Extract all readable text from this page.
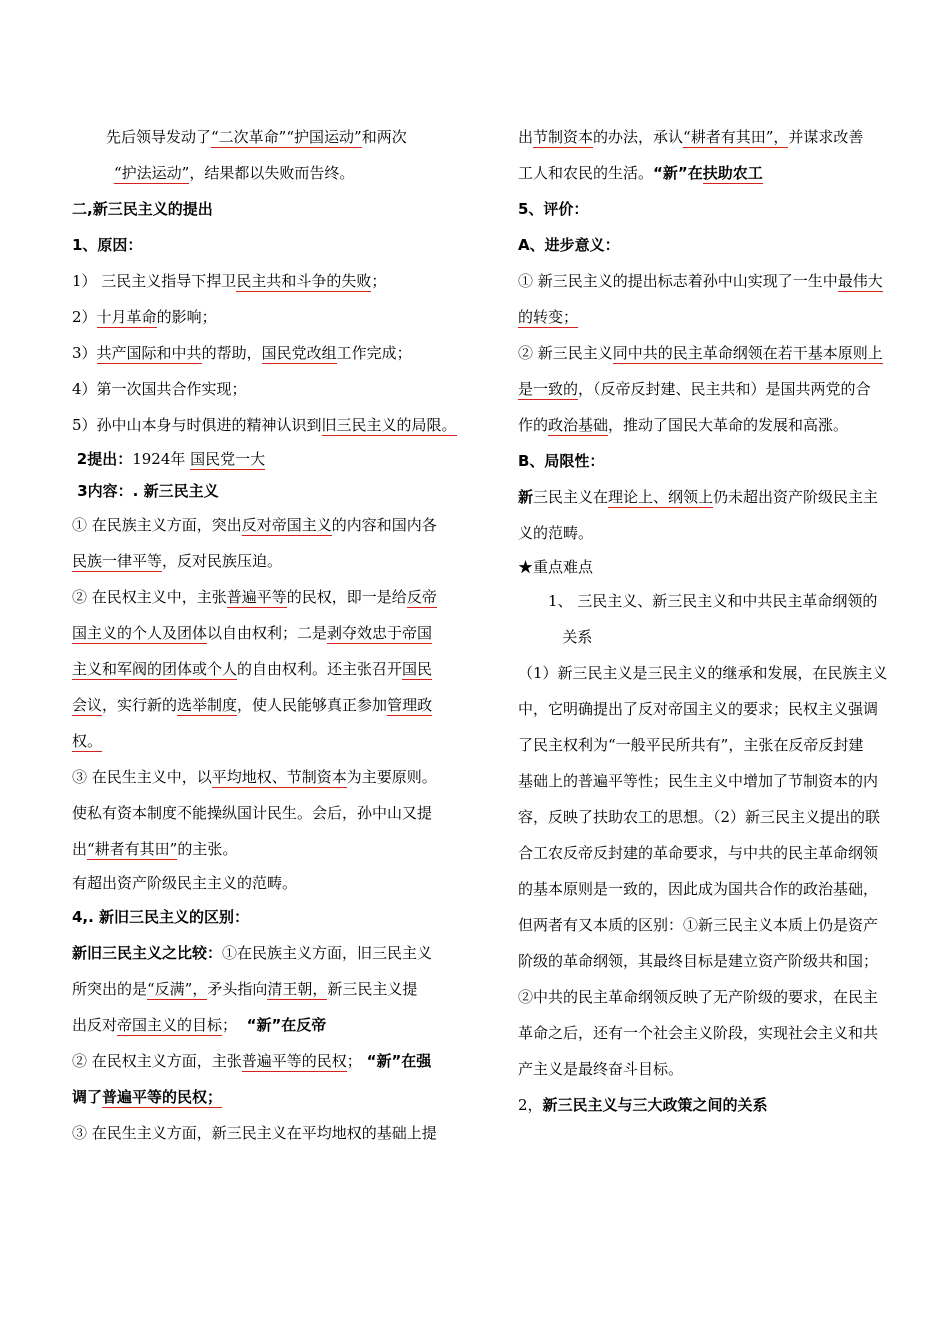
先后领导发动了“二次革命”“护国运动”和两次

“护法运动”，结果都以失败而告终。

二,新三民主义的提出

1、原因：

1） 三民主义指导下捍卫民主共和斗争的失败；

2）十月革命的影响；

3）共产国际和中共的帮助，国民党改组工作完成；

4）第一次国共合作实现；

5）孙中山本身与时俱进的精神认识到旧三民主义的局限。

2提出：1924年 国民党一大

3内容：. 新三民主义

① 在民族主义方面，突出反对帝国主义的内容和国内各

民族一律平等，反对民族压迫。

② 在民权主义中，主张普遍平等的民权，即一是给反帝

国主义的个人及团体以自由权利；二是剥夺效忠于帝国

主义和军阀的团体或个人的自由权利。还主张召开国民

会议，实行新的选举制度，使人民能够真正参加管理政

权。

③ 在民生主义中，以平均地权、节制资本为主要原则。

使私有资本制度不能操纵国计民生。会后，孙中山又提

出“耕者有其田”的主张。

有超出资产阶级民主主义的范畴。

4,. 新旧三民主义的区别：

新旧三民主义之比较：①在民族主义方面，旧三民主义

所突出的是“反满”，矛头指向清王朝，新三民主义提

出反对帝国主义的目标； “新”在反帝

② 在民权主义方面，主张普遍平等的民权； “新”在强

调了普遍平等的民权；

③ 在民生主义方面，新三民主义在平均地权的基础上提

出节制资本的办法，承认“耕者有其田”，并谋求改善

工人和农民的生活。“新”在扶助农工

5、评价：

A、进步意义：

① 新三民主义的提出标志着孙中山实现了一生中最伟大

的转变；

② 新三民主义同中共的民主革命纲领在若干基本原则上

是一致的，（反帝反封建、民主共和）是国共两党的合

作的政治基础，推动了国民大革命的发展和高涨。

B、局限性：

新三民主义在理论上、纲领上仍未超出资产阶级民主主

义的范畴。

★重点难点

1、 三民主义、新三民主义和中共民主革命纲领的

关系

（1）新三民主义是三民主义的继承和发展，在民族主义

中，它明确提出了反对帝国主义的要求；民权主义强调

了民主权利为“一般平民所共有”，主张在反帝反封建

基础上的普遍平等性；民生主义中增加了节制资本的内

容，反映了扶助农工的思想。（2）新三民主义提出的联

合工农反帝反封建的革命要求，与中共的民主革命纲领

的基本原则是一致的，因此成为国共合作的政治基础，

但两者有又本质的区别：①新三民主义本质上仍是资产

阶级的革命纲领，其最终目标是建立资产阶级共和国；

②中共的民主革命纲领反映了无产阶级的要求，在民主

革命之后，还有一个社会主义阶段，实现社会主义和共

产主义是最终奋斗目标。

2，新三民主义与三大政策之间的关系
